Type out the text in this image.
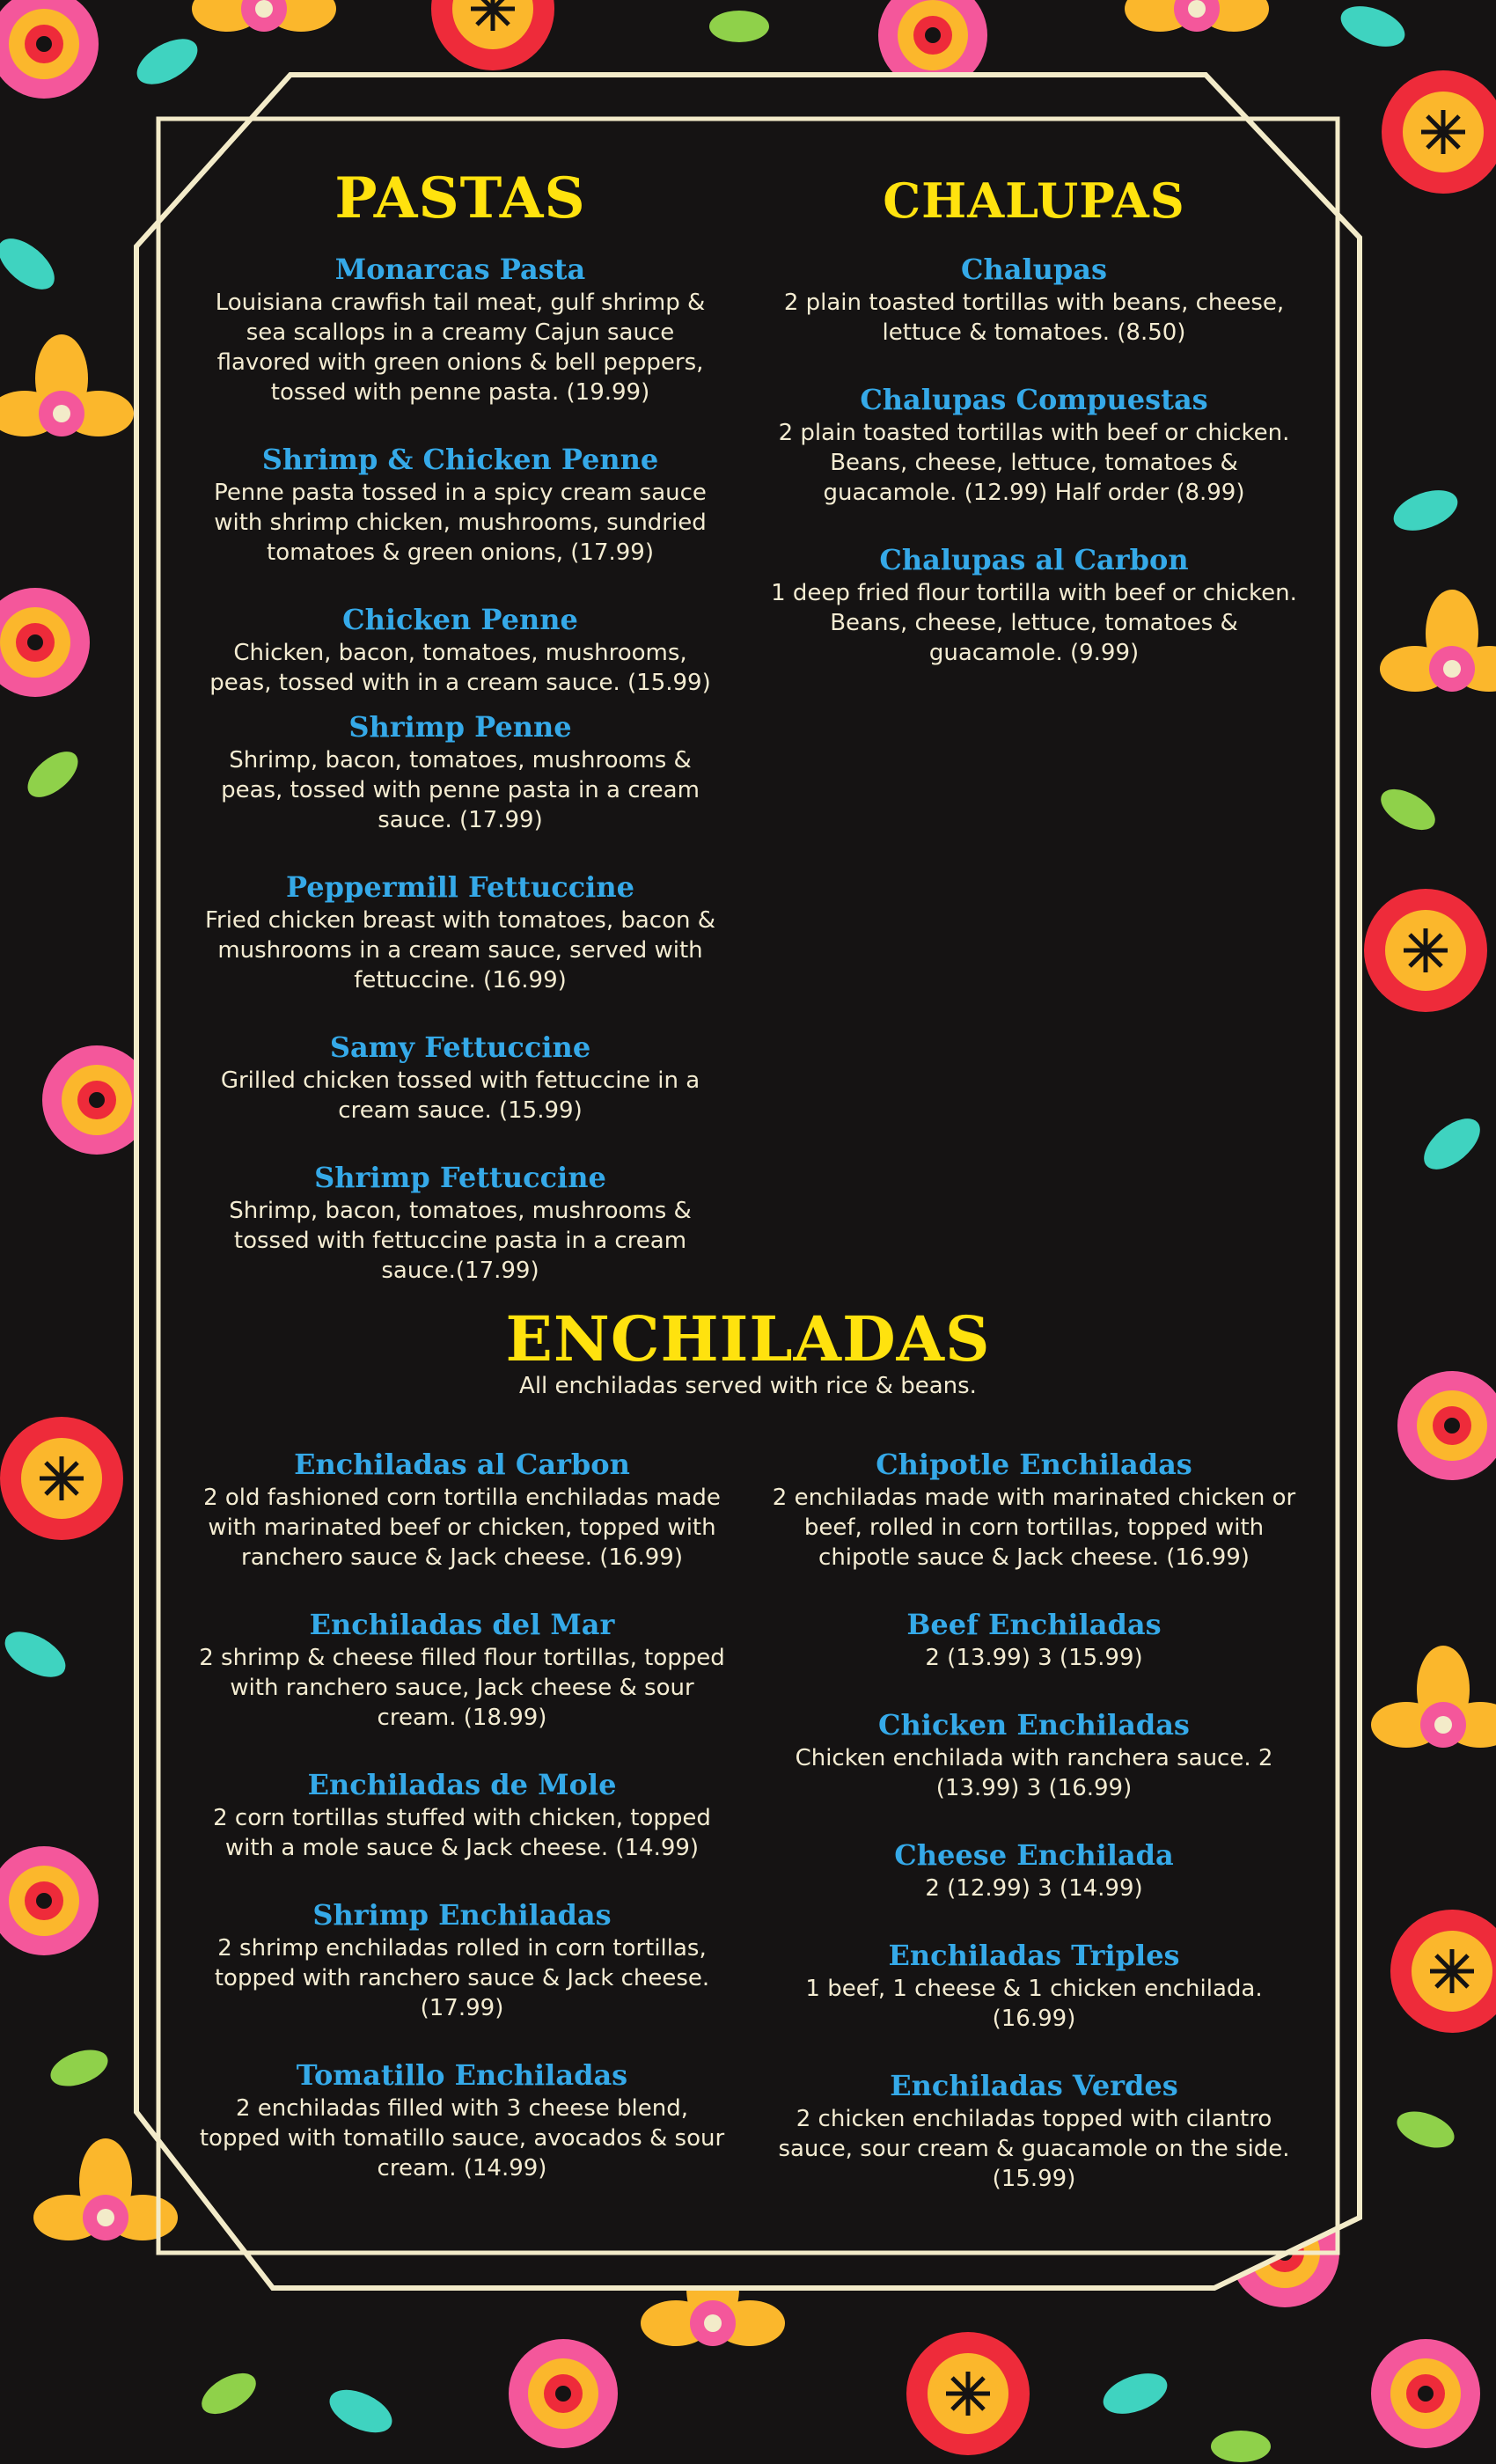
PASTAS
Monarcas Pasta

Louisiana crawfish tail meat, gulf shrimp & sea scallops in a creamy Cajun sauce flavored with green onions & bell peppers, tossed with penne pasta. (19.99)

Shrimp & Chicken Penne

Penne pasta tossed in a spicy cream sauce with shrimp chicken, mushrooms, sundried tomatoes & green onions, (17.99)

Chicken Penne

Chicken, bacon, tomatoes, mushrooms, peas, tossed with in a cream sauce. (15.99)

Shrimp Penne

Shrimp, bacon, tomatoes, mushrooms & peas, tossed with penne pasta in a cream sauce. (17.99)

Peppermill Fettuccine

Fried chicken breast with tomatoes, bacon & mushrooms in a cream sauce, served with fettuccine. (16.99)

Samy Fettuccine

Grilled chicken tossed with fettuccine in a cream sauce. (15.99)

Shrimp Fettuccine

Shrimp, bacon, tomatoes, mushrooms & tossed with fettuccine pasta in a cream sauce.(17.99)

CHALUPAS
Chalupas

2 plain toasted tortillas with beans, cheese, lettuce & tomatoes. (8.50)

Chalupas Compuestas

2 plain toasted tortillas with beef or chicken. Beans, cheese, lettuce, tomatoes & guacamole. (12.99) Half order (8.99)

Chalupas al Carbon

1 deep fried flour tortilla with beef or chicken. Beans, cheese, lettuce, tomatoes & guacamole. (9.99)

ENCHILADAS

All enchiladas served with rice & beans.

Enchiladas al Carbon

2 old fashioned corn tortilla enchiladas made with marinated beef or chicken, topped with ranchero sauce & Jack cheese. (16.99)

Enchiladas del Mar

2 shrimp & cheese filled flour tortillas, topped with ranchero sauce, Jack cheese & sour cream. (18.99)

Enchiladas de Mole

2 corn tortillas stuffed with chicken, topped with a mole sauce & Jack cheese. (14.99)

Shrimp Enchiladas

2 shrimp enchiladas rolled in corn tortillas, topped with ranchero sauce & Jack cheese. (17.99)

Tomatillo Enchiladas

2 enchiladas filled with 3 cheese blend, topped with tomatillo sauce, avocados & sour cream. (14.99)

Chipotle Enchiladas

2 enchiladas made with marinated chicken or beef, rolled in corn tortillas, topped with chipotle sauce & Jack cheese. (16.99)

Beef Enchiladas

2 (13.99) 3 (15.99)

Chicken Enchiladas

Chicken enchilada with ranchera sauce. 2 (13.99) 3 (16.99)

Cheese Enchilada

2 (12.99) 3 (14.99)

Enchiladas Triples

1 beef, 1 cheese & 1 chicken enchilada. (16.99)

Enchiladas Verdes

2 chicken enchiladas topped with cilantro sauce, sour cream & guacamole on the side. (15.99)
